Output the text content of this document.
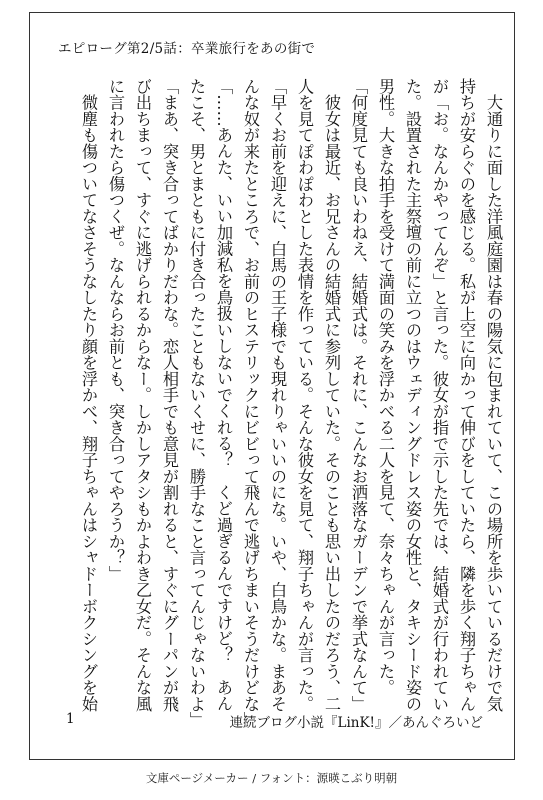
エピローグ第2/5話：卒業旅行をあの街で
　大通りに面した洋風庭園は春の陽気に包まれていて、この場所を歩いているだけで気
持ちが安らぐのを感じる。私が上空に向かって伸びをしていたら、隣を歩く翔子ちゃん
が「お。なんかやってんぞ」と言った。彼女が指で示した先では、結婚式が行われてい
た。設置された主祭壇の前に立つのはウェディングドレス姿の女性と、タキシード姿の
男性。大きな拍手を受けて満面の笑みを浮かべる二人を見て、奈々ちゃんが言った。
「何度見ても良いわねえ、結婚式は。それに、こんなお洒落なガーデンで挙式なんて」
　彼女は最近、お兄さんの結婚式に参列していた。そのことも思い出したのだろう、二
人を見てぽわぽわとした表情を作っている。そんな彼女を見て、翔子ちゃんが言った。
「早くお前を迎えに、白馬の王子様でも現れりゃいいのにな。いや、白鳥かな。まあそ
んな奴が来たところで、お前のヒステリックにビビって飛んで逃げちまいそうだけどな」
「……あんた、いい加減私を鳥扱いしないでくれる？　くど過ぎるんですけど？　あん
たこそ、男とまともに付き合ったこともないくせに、勝手なこと言ってんじゃないわよ」
「まあ、突き合ってばかりだわな。恋人相手でも意見が割れると、すぐにグーパンが飛
び出ちまって、すぐに逃げられるからなー。しかしアタシもかよわき乙女だ。そんな風
に言われたら傷つくぜ。なんならお前とも、突き合ってやろうか？」
　微塵も傷ついてなさそうなしたり顔を浮かべ、翔子ちゃんはシャドーボクシングを始
1	連続ブログ小説『LinK!』／あんぐろいど
文庫ページメーカー / フォント：源暎こぶり明朝
